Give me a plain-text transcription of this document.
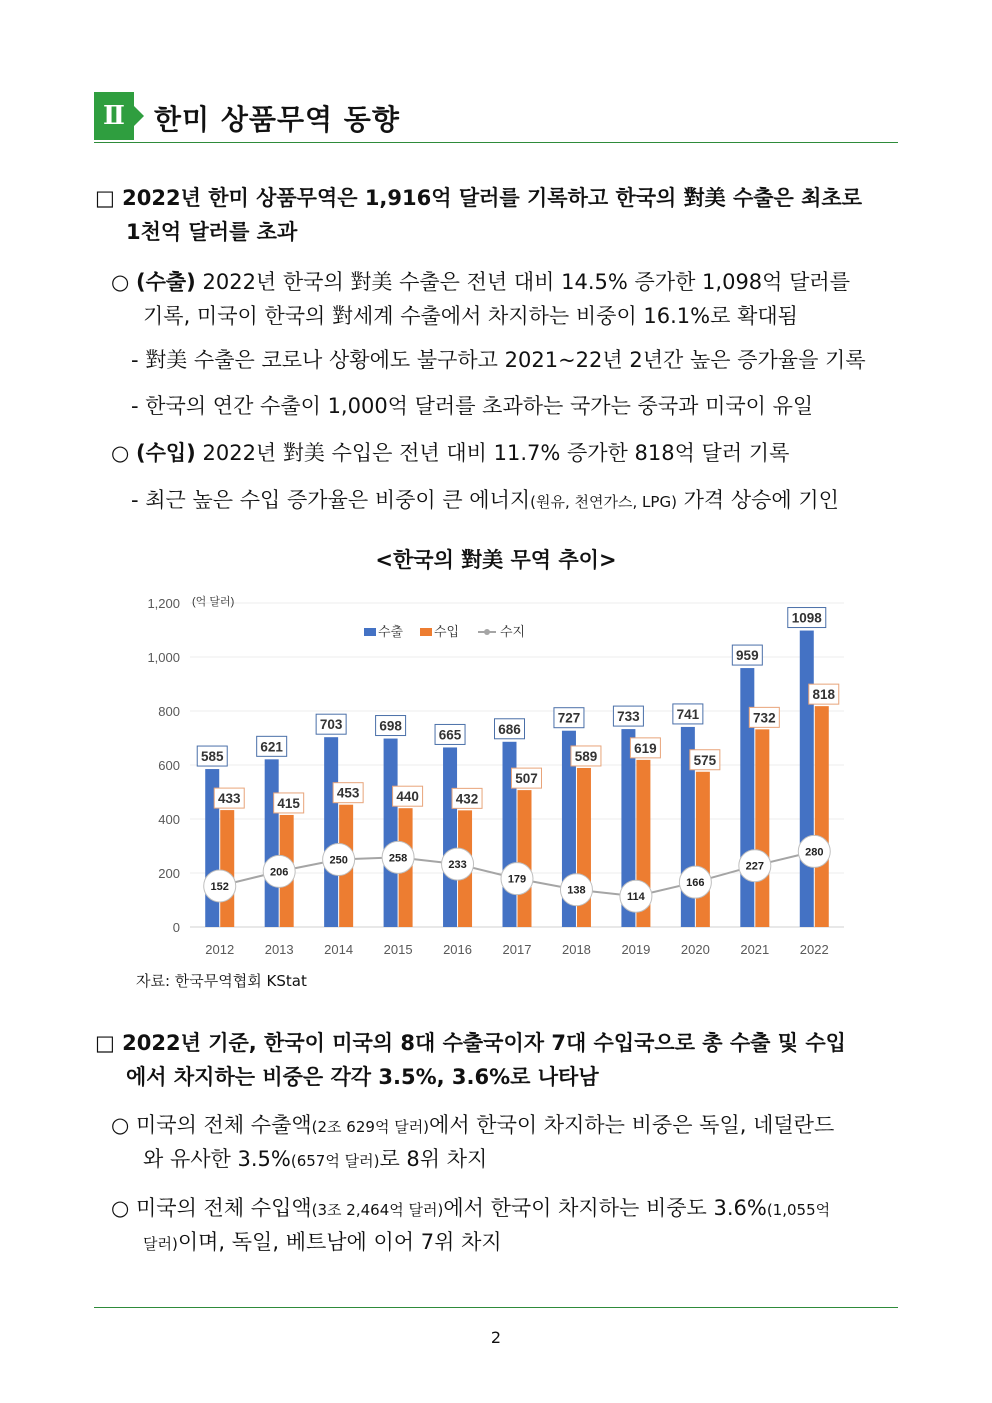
Ⅱ	한미 상품무역 동향
□ 2022년 한미 상품무역은 1,916억 달러를 기록하고 한국의 對美 수출은 최초로
1천억 달러를 초과
○ (수출) 2022년 한국의 對美 수출은 전년 대비 14.5% 증가한 1,098억 달러를
기록, 미국이 한국의 對세계 수출에서 차지하는 비중이 16.1%로 확대됨
- 對美 수출은 코로나 상황에도 불구하고 2021~22년 2년간 높은 증가율을 기록
- 한국의 연간 수출이 1,000억 달러를 초과하는 국가는 중국과 미국이 유일
○ (수입) 2022년 對美 수입은 전년 대비 11.7% 증가한 818억 달러 기록
- 최근 높은 수입 증가율은 비중이 큰 에너지(원유, 천연가스, LPG) 가격 상승에 기인
<한국의 對美 무역 추이>
0
200
400
600
800
1,000
1,200 (억 달러)
2012 2013 2014 2015 2016 2017 2018 2019 2020 2021 2022
585
433
621
415
703
453
698
440
665
432
686
507
727
589
733
619
741
575
959
732
1098
818
152
206
250	258
233
179
138
114
166
227
280
수출 수입	수지
자료: 한국무역협회 KStat
□ 2022년 기준, 한국이 미국의 8대 수출국이자 7대 수입국으로 총 수출 및 수입
에서 차지하는 비중은 각각 3.5%, 3.6%로 나타남
○ 미국의 전체 수출액(2조 629억 달러)에서 한국이 차지하는 비중은 독일, 네덜란드
와 유사한 3.5%(657억 달러)로 8위 차지
○ 미국의 전체 수입액(3조 2,464억 달러)에서 한국이 차지하는 비중도 3.6%(1,055억
달러)이며, 독일, 베트남에 이어 7위 차지
2
